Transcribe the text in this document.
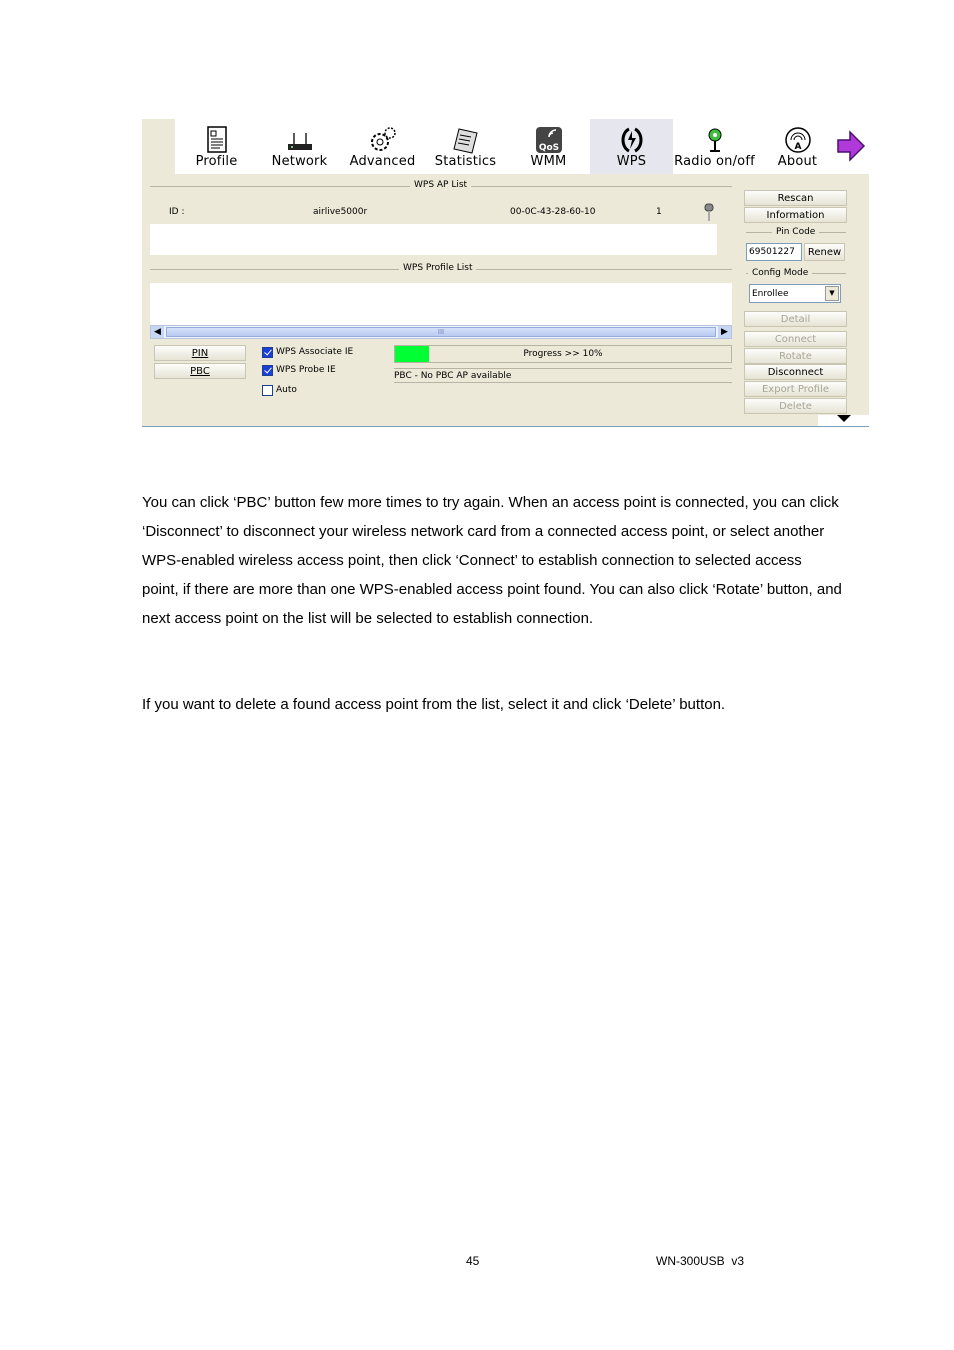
Profile	Network	Advanced	Statistics
QoS
WMM	WPS	Radio on/off
A
About
WPS AP List
ID :	airlive5000r	00-0C-43-28-60-10	1
WPS Profile List
◀	III	▶
PIN
PBC
WPS Associate IE
WPS Probe IE
Auto
Progress >> 10%
PBC - No PBC AP available
Rescan
Information
Pin Code
69501227	Renew
Config Mode
Enrollee	▼
Detail
Connect
Rotate
Disconnect
Export Profile
Delete

You can click ‘PBC’ button few more times to try again. When an access point is connected, you can click ‘Disconnect’ to disconnect your wireless network card from a connected access point, or select another WPS-enabled wireless access point, then click ‘Connect’ to establish connection to selected access point, if there are more than one WPS-enabled access point found. You can also click ‘Rotate’ button, and next access point on the list will be selected to establish connection.

If you want to delete a found access point from the list, select it and click ‘Delete’ button.

45	WN-300USB  v3
